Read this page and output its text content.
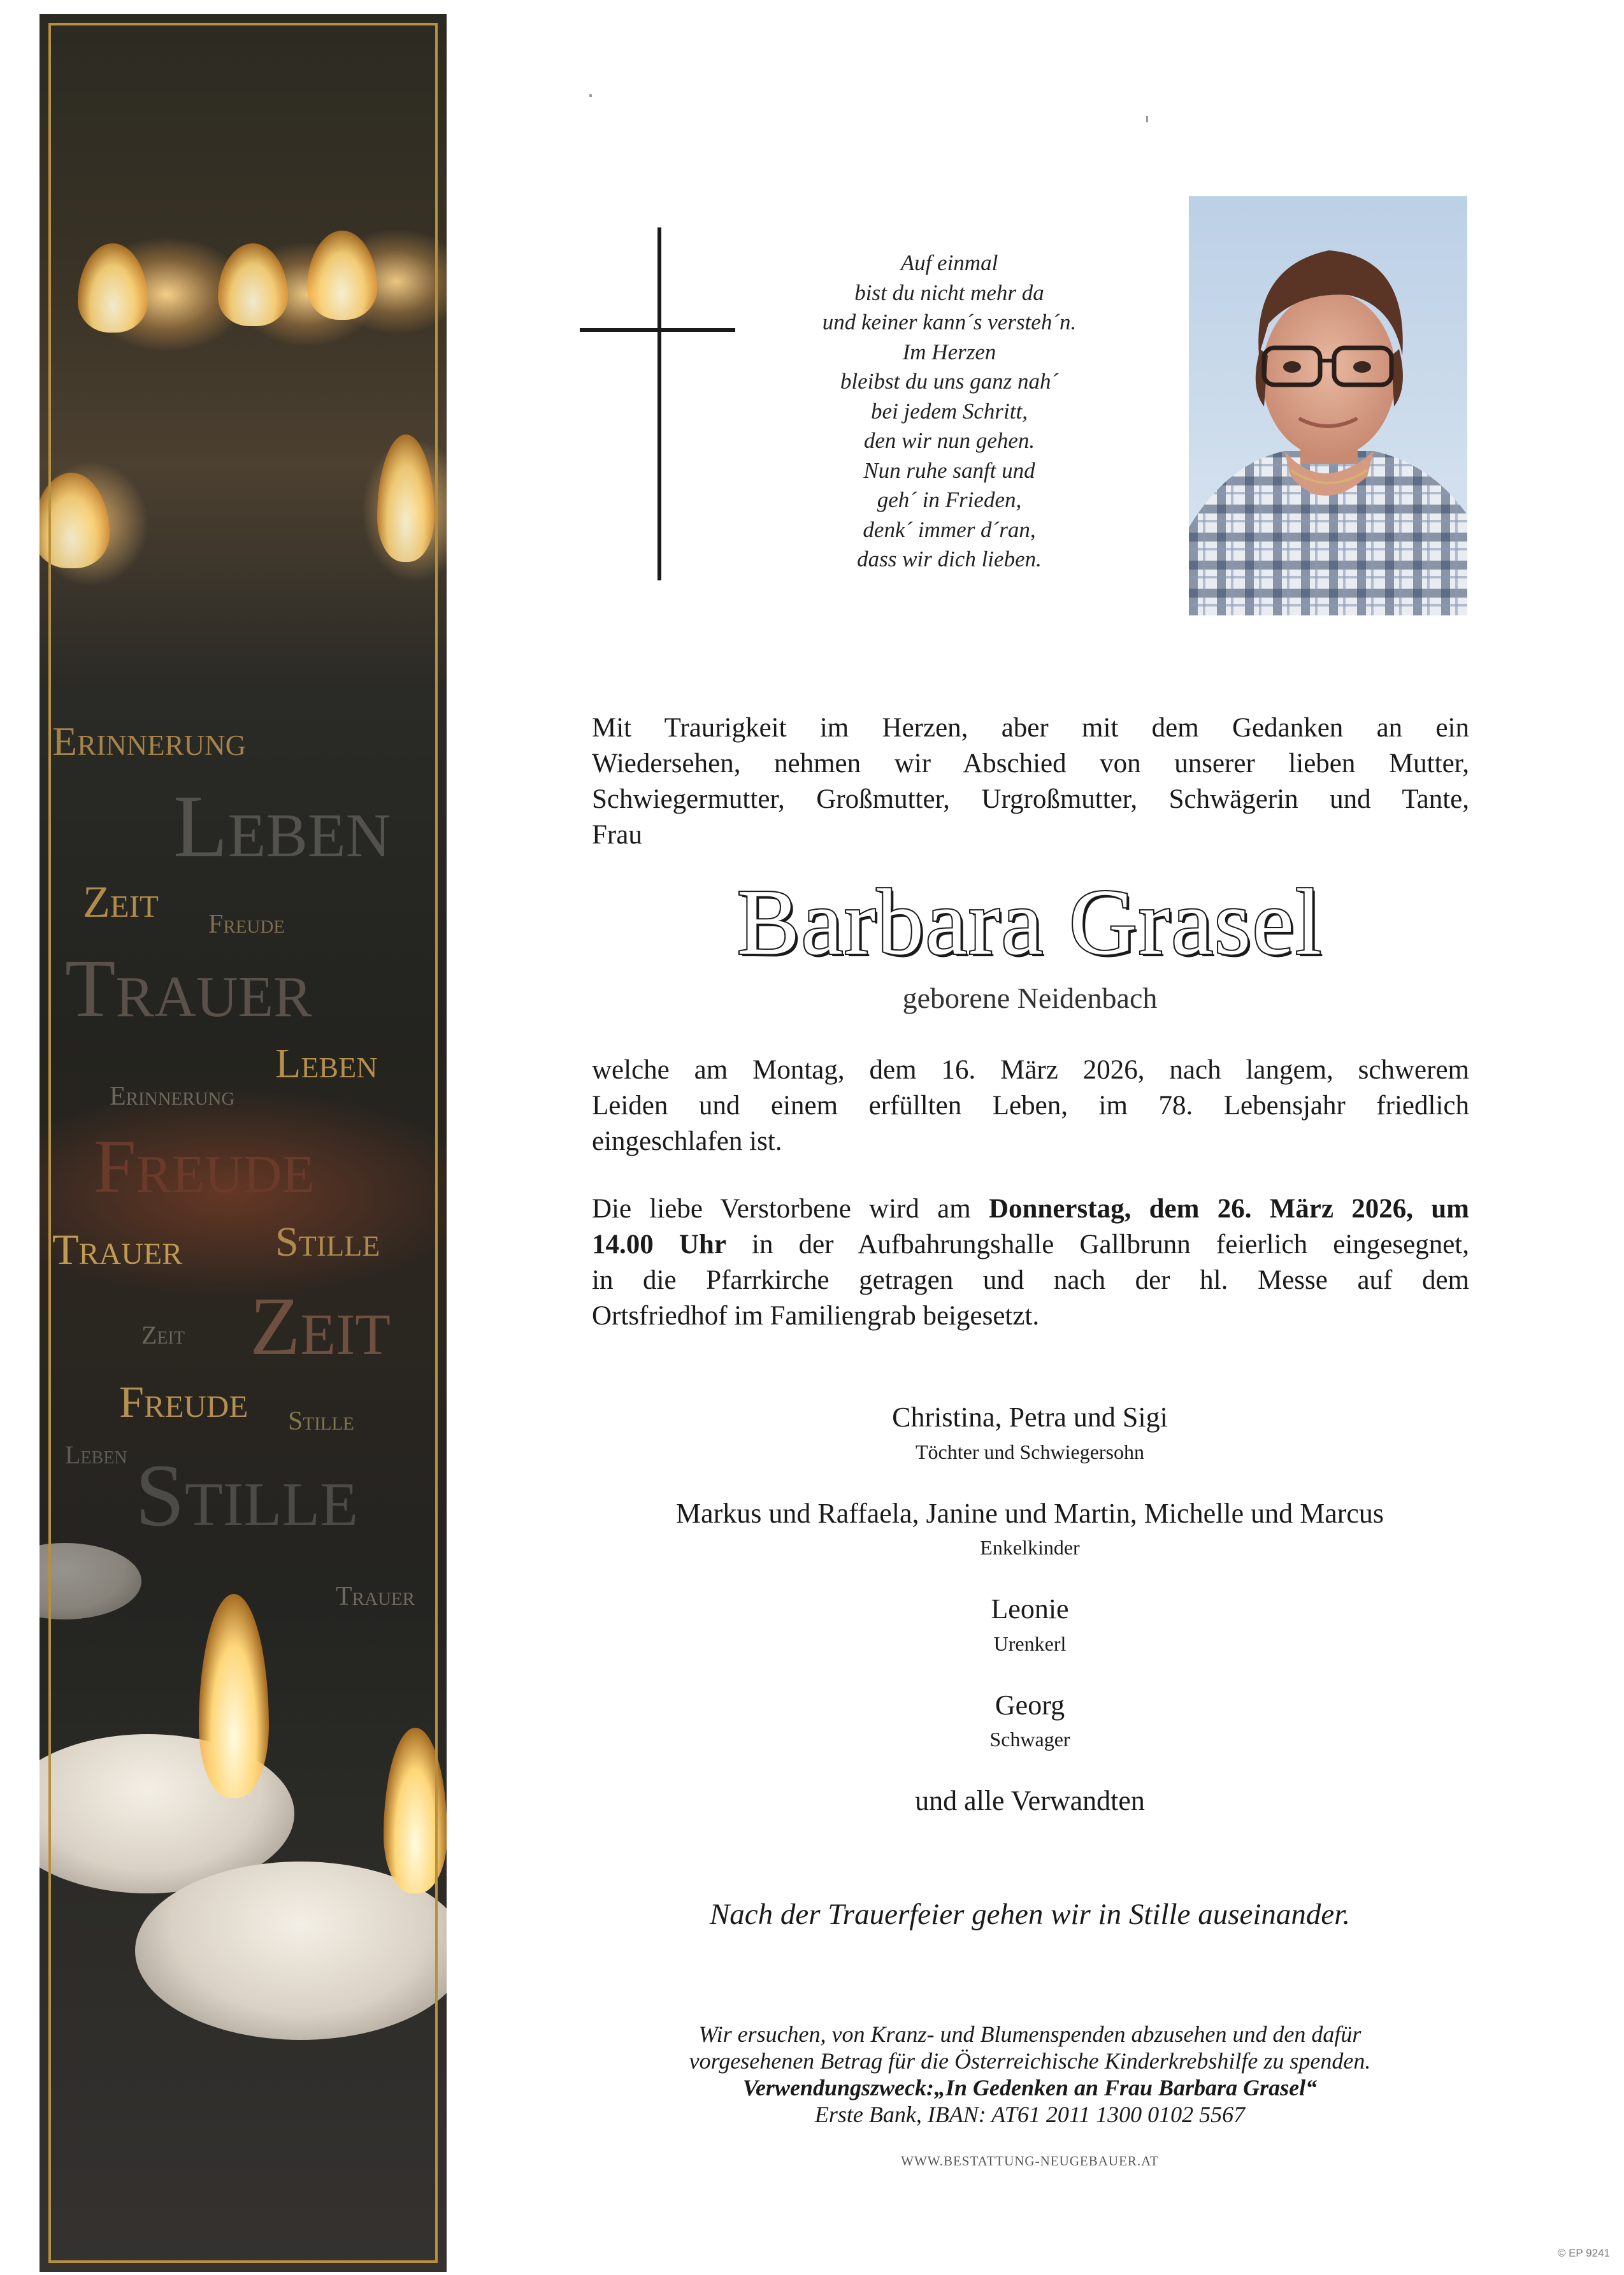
Erinnerung
Leben
Zeit Freude
Trauer
Leben
Erinnerung
Freude
Trauer Stille
Zeit
Zeit
Freude Stille
Leben Stille
Trauer
Auf einmal
bist du nicht mehr da
und keiner kann´s versteh´n.
Im Herzen
bleibst du uns ganz nah´
bei jedem Schritt,
den wir nun gehen.
Nun ruhe sanft und
geh´ in Frieden,
denk´ immer d´ran,
dass wir dich lieben.
Mit Traurigkeit im Herzen, aber mit dem Gedanken an ein
Wiedersehen, nehmen wir Abschied von unserer lieben Mutter,
Schwiegermutter, Großmutter, Urgroßmutter, Schwägerin und Tante,
Frau
Barbara Grasel
geborene Neidenbach
welche am Montag, dem 16. März 2026, nach langem, schwerem
Leiden und einem erfüllten Leben, im 78. Lebensjahr friedlich
eingeschlafen ist.
Die liebe Verstorbene wird am Donnerstag, dem 26. März 2026, um
14.00 Uhr in der Aufbahrungshalle Gallbrunn feierlich eingesegnet,
in die Pfarrkirche getragen und nach der hl. Messe auf dem
Ortsfriedhof im Familiengrab beigesetzt.
Christina, Petra und Sigi
Töchter und Schwiegersohn
Markus und Raffaela, Janine und Martin, Michelle und Marcus
Enkelkinder
Leonie
Urenkerl
Georg
Schwager
und alle Verwandten
Nach der Trauerfeier gehen wir in Stille auseinander.
Wir ersuchen, von Kranz- und Blumenspenden abzusehen und den dafür
vorgesehenen Betrag für die Österreichische Kinderkrebshilfe zu spenden.
Verwendungszweck:„In Gedenken an Frau Barbara Grasel“
Erste Bank, IBAN: AT61 2011 1300 0102 5567
WWW.BESTATTUNG-NEUGEBAUER.AT
© EP 9241
